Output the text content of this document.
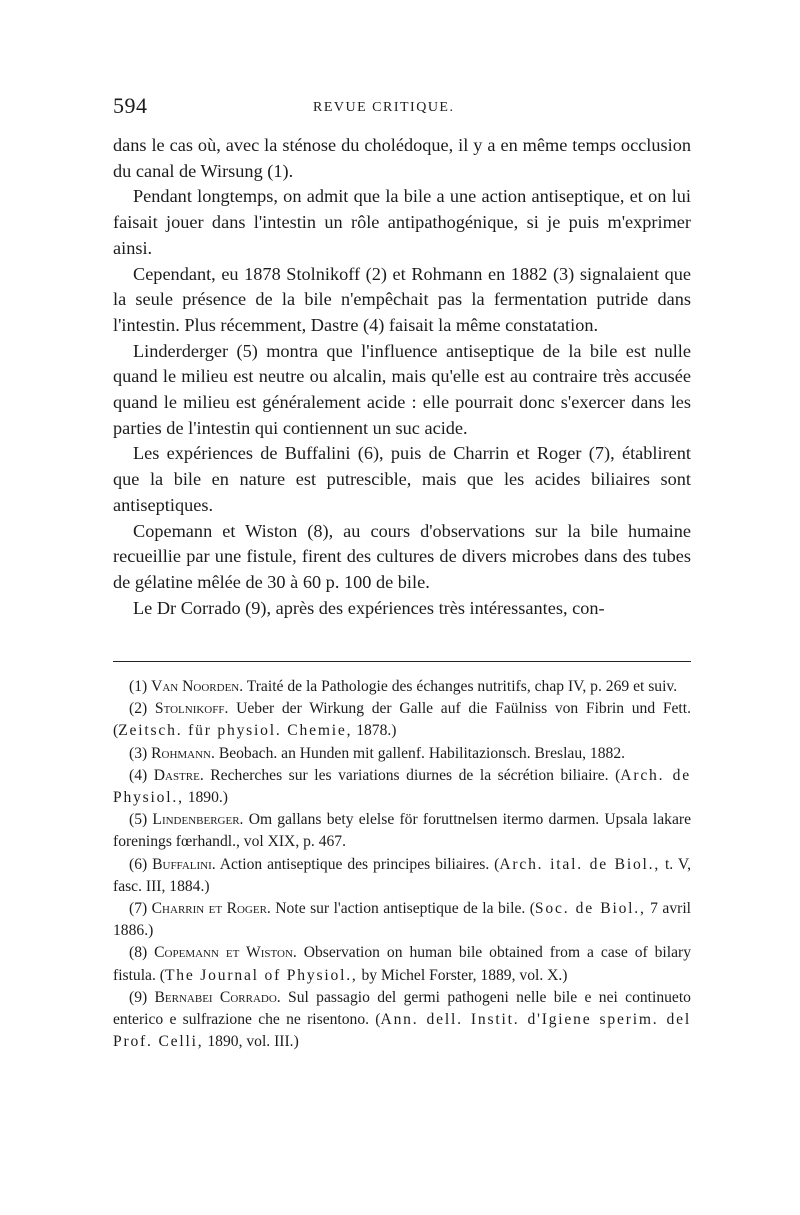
594	REVUE CRITIQUE.

dans le cas où, avec la sténose du cholédoque, il y a en même temps occlusion du canal de Wirsung (1).

Pendant longtemps, on admit que la bile a une action antiseptique, et on lui faisait jouer dans l'intestin un rôle antipathogénique, si je puis m'exprimer ainsi.

Cependant, eu 1878 Stolnikoff (2) et Rohmann en 1882 (3) signalaient que la seule présence de la bile n'empêchait pas la fermentation putride dans l'intestin. Plus récemment, Dastre (4) faisait la même constatation.

Linderderger (5) montra que l'influence antiseptique de la bile est nulle quand le milieu est neutre ou alcalin, mais qu'elle est au contraire très accusée quand le milieu est généralement acide : elle pourrait donc s'exercer dans les parties de l'intestin qui contiennent un suc acide.

Les expériences de Buffalini (6), puis de Charrin et Roger (7), établirent que la bile en nature est putrescible, mais que les acides biliaires sont antiseptiques.

Copemann et Wiston (8), au cours d'observations sur la bile humaine recueillie par une fistule, firent des cultures de divers microbes dans des tubes de gélatine mêlée de 30 à 60 p. 100 de bile.

Le Dr Corrado (9), après des expériences très intéressantes, con-

(1) Van Noorden. Traité de la Pathologie des échanges nutritifs, chap IV, p. 269 et suiv.

(2) Stolnikoff. Ueber der Wirkung der Galle auf die Faülniss von Fibrin und Fett. (Zeitsch. für physiol. Chemie, 1878.)

(3) Rohmann. Beobach. an Hunden mit gallenf. Habilitazionsch. Breslau, 1882.

(4) Dastre. Recherches sur les variations diurnes de la sécrétion biliaire. (Arch. de Physiol., 1890.)

(5) Lindenberger. Om gallans bety elelse för foruttnelsen itermo darmen. Upsala lakare forenings fœrhandl., vol XIX, p. 467.

(6) Buffalini. Action antiseptique des principes biliaires. (Arch. ital. de Biol., t. V, fasc. III, 1884.)

(7) Charrin et Roger. Note sur l'action antiseptique de la bile. (Soc. de Biol., 7 avril 1886.)

(8) Copemann et Wiston. Observation on human bile obtained from a case of bilary fistula. (The Journal of Physiol., by Michel Forster, 1889, vol. X.)

(9) Bernabei Corrado. Sul passagio del germi pathogeni nelle bile e nei continueto enterico e sulfrazione che ne risentono. (Ann. dell. Instit. d'Igiene sperim. del Prof. Celli, 1890, vol. III.)
